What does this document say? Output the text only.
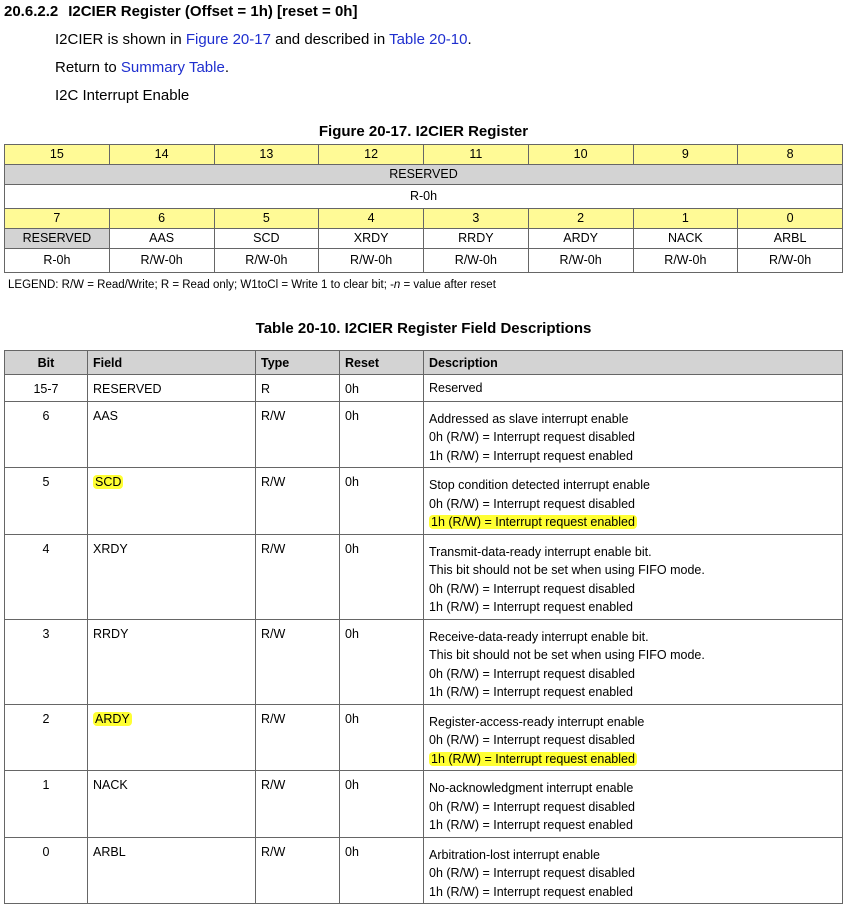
20.6.2.2 I2CIER Register (Offset = 1h) [reset = 0h]
I2CIER is shown in Figure 20-17 and described in Table 20-10.
Return to Summary Table.
I2C Interrupt Enable
Figure 20-17. I2CIER Register
15	14	13	12	11	10	9	8
RESERVED
R-0h
7	6	5	4	3	2	1	0
RESERVED	AAS	SCD	XRDY	RRDY	ARDY	NACK	ARBL
R-0h	R/W-0h	R/W-0h	R/W-0h	R/W-0h	R/W-0h	R/W-0h	R/W-0h
LEGEND: R/W = Read/Write; R = Read only; W1toCl = Write 1 to clear bit; -n = value after reset
Table 20-10. I2CIER Register Field Descriptions
Bit	Field	Type	Reset	Description
15-7	RESERVED	R	0h	Reserved

6	AAS	R/W	0h	Addressed as slave interrupt enable
0h (R/W) = Interrupt request disabled
1h (R/W) = Interrupt request enabled

5	SCD	R/W	0h	Stop condition detected interrupt enable
0h (R/W) = Interrupt request disabled
1h (R/W) = Interrupt request enabled

4	XRDY	R/W	0h	Transmit-data-ready interrupt enable bit.
This bit should not be set when using FIFO mode.
0h (R/W) = Interrupt request disabled
1h (R/W) = Interrupt request enabled

3	RRDY	R/W	0h	Receive-data-ready interrupt enable bit.
This bit should not be set when using FIFO mode.
0h (R/W) = Interrupt request disabled
1h (R/W) = Interrupt request enabled

2	ARDY	R/W	0h	Register-access-ready interrupt enable
0h (R/W) = Interrupt request disabled
1h (R/W) = Interrupt request enabled

1	NACK	R/W	0h	No-acknowledgment interrupt enable
0h (R/W) = Interrupt request disabled
1h (R/W) = Interrupt request enabled

0	ARBL	R/W	0h	Arbitration-lost interrupt enable
0h (R/W) = Interrupt request disabled
1h (R/W) = Interrupt request enabled
